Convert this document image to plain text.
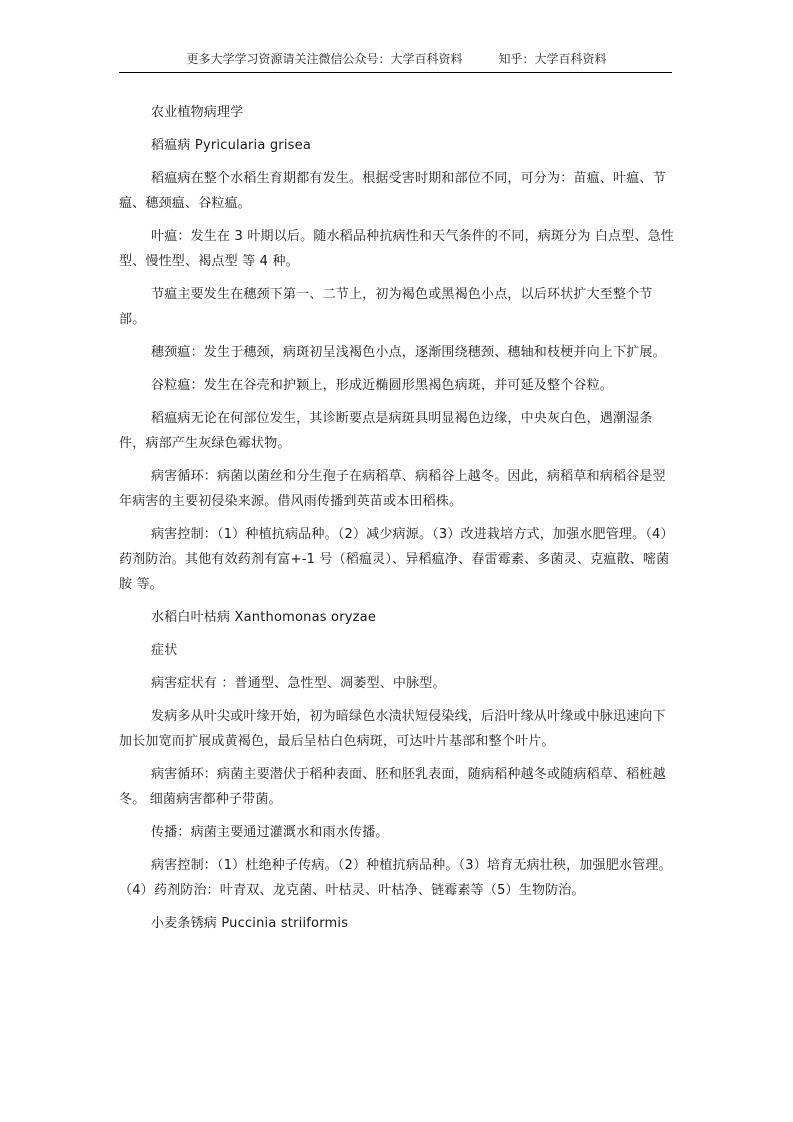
更多大学学习资源请关注微信公众号：大学百科资料	知乎：大学百科资料

农业植物病理学

稻瘟病 Pyricularia grisea

稻瘟病在整个水稻生育期都有发生。根据受害时期和部位不同，可分为：苗瘟、叶瘟、节瘟、穗颈瘟、谷粒瘟。

叶瘟：发生在 3 叶期以后。随水稻品种抗病性和天气条件的不同，病斑分为 白点型、急性型、慢性型、褐点型 等 4 种。

节瘟主要发生在穗颈下第一、二节上，初为褐色或黑褐色小点，以后环状扩大至整个节部。

穗颈瘟：发生于穗颈，病斑初呈浅褐色小点，逐渐围绕穗颈、穗轴和枝梗并向上下扩展。

谷粒瘟：发生在谷壳和护颖上，形成近椭圆形黑褐色病斑，并可延及整个谷粒。

稻瘟病无论在何部位发生，其诊断要点是病斑具明显褐色边缘，中央灰白色，遇潮湿条件，病部产生灰绿色霉状物。

病害循环：病菌以菌丝和分生孢子在病稻草、病稻谷上越冬。因此，病稻草和病稻谷是翌年病害的主要初侵染来源。借风雨传播到英苗或本田稻株。

病害控制：（1）种植抗病品种。（2）减少病源。（3）改进栽培方式，加强水肥管理。（4）药剂防治。其他有效药剂有富+-1 号（稻瘟灵）、异稻瘟净、春雷霉素、多菌灵、克瘟散、嘧菌胺 等。

水稻白叶枯病 Xanthomonas oryzae

症状

病害症状有 ：普通型、急性型、凋萎型、中脉型。

发病多从叶尖或叶缘开始，初为暗绿色水渍状短侵染线，后沿叶缘从叶缘或中脉迅速向下加长加宽而扩展成黄褐色，最后呈枯白色病斑，可达叶片基部和整个叶片。

病害循环：病菌主要潜伏于稻种表面、胚和胚乳表面，随病稻种越冬或随病稻草、稻桩越冬。 细菌病害都种子带菌。

传播：病菌主要通过灌溉水和雨水传播。

病害控制：（1）杜绝种子传病。（2）种植抗病品种。（3）培育无病壮秧，加强肥水管理。（4）药剂防治：叶青双、龙克菌、叶枯灵、叶枯净、链霉素等（5）生物防治。

小麦条锈病 Puccinia striiformis
